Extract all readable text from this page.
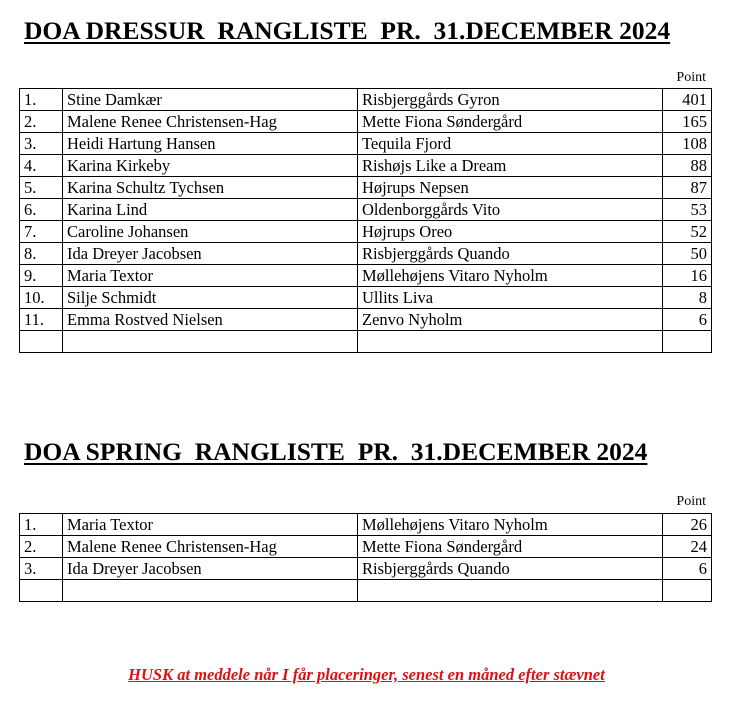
DOA DRESSUR  RANGLISTE  PR.  31.DECEMBER 2024
Point
1.	Stine Damkær	Risbjerggårds Gyron	401
2.	Malene Renee Christensen-Hag	Mette Fiona Søndergård	165
3.	Heidi Hartung Hansen	Tequila Fjord	108
4.	Karina Kirkeby	Rishøjs Like a Dream	88
5.	Karina Schultz Tychsen	Højrups Nepsen	87
6.	Karina Lind	Oldenborggårds Vito	53
7.	Caroline Johansen	Højrups Oreo	52
8.	Ida Dreyer Jacobsen	Risbjerggårds Quando	50
9.	Maria Textor	Møllehøjens Vitaro Nyholm	16
10.	Silje Schmidt	Ullits Liva	8
11.	Emma Rostved Nielsen	Zenvo Nyholm	6

DOA SPRING  RANGLISTE  PR.  31.DECEMBER 2024
Point
1.	Maria Textor	Møllehøjens Vitaro Nyholm	26
2.	Malene Renee Christensen-Hag	Mette Fiona Søndergård	24
3.	Ida Dreyer Jacobsen	Risbjerggårds Quando	6

HUSK at meddele når I får placeringer, senest en måned efter stævnet
